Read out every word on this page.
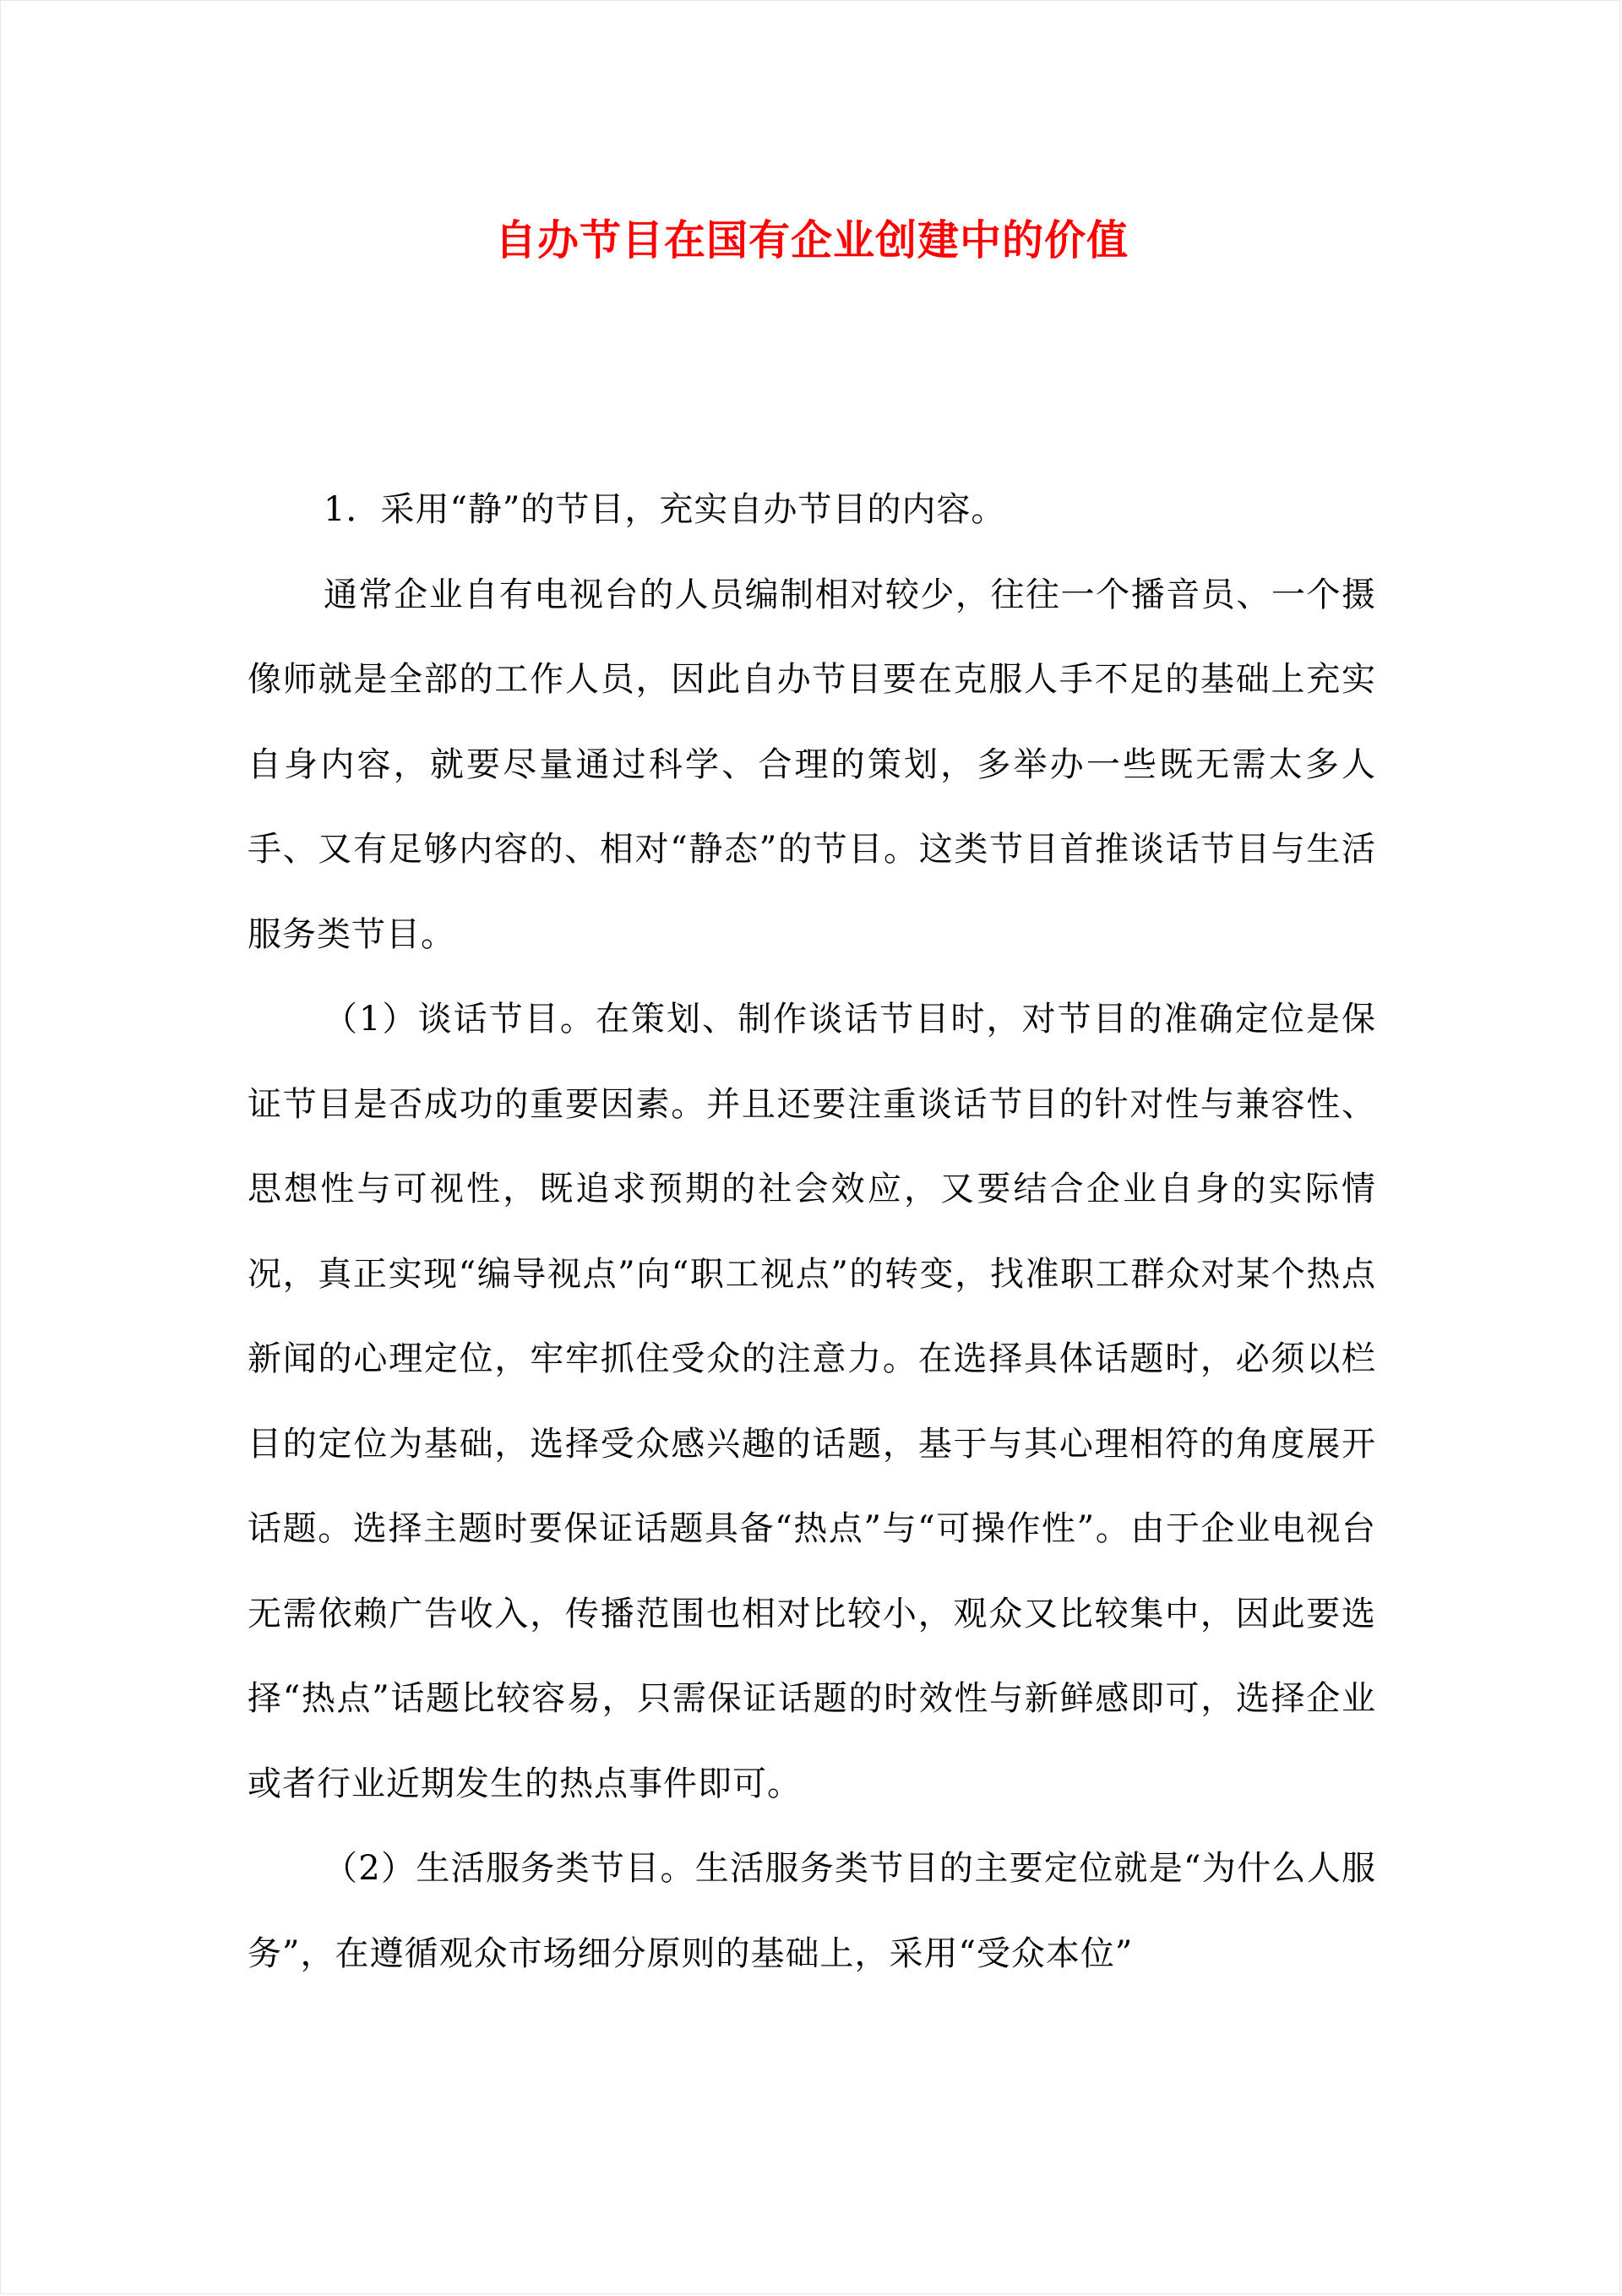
自办节目在国有企业创建中的价值

1．采用“静”的节目，充实自办节目的内容。

通常企业自有电视台的人员编制相对较少，往往一个播音员、一个摄像师就是全部的工作人员，因此自办节目要在克服人手不足的基础上充实自身内容，就要尽量通过科学、合理的策划，多举办一些既无需太多人手、又有足够内容的、相对“静态”的节目。这类节目首推谈话节目与生活服务类节目。

（1）谈话节目。在策划、制作谈话节目时，对节目的准确定位是保证节目是否成功的重要因素。并且还要注重谈话节目的针对性与兼容性、思想性与可视性，既追求预期的社会效应，又要结合企业自身的实际情况，真正实现“编导视点”向“职工视点”的转变，找准职工群众对某个热点新闻的心理定位，牢牢抓住受众的注意力。在选择具体话题时，必须以栏目的定位为基础，选择受众感兴趣的话题，基于与其心理相符的角度展开话题。选择主题时要保证话题具备“热点”与“可操作性”。由于企业电视台无需依赖广告收入，传播范围也相对比较小，观众又比较集中，因此要选择“热点”话题比较容易，只需保证话题的时效性与新鲜感即可，选择企业或者行业近期发生的热点事件即可。

（2）生活服务类节目。生活服务类节目的主要定位就是“为什么人服务”，在遵循观众市场细分原则的基础上，采用“受众本位”
